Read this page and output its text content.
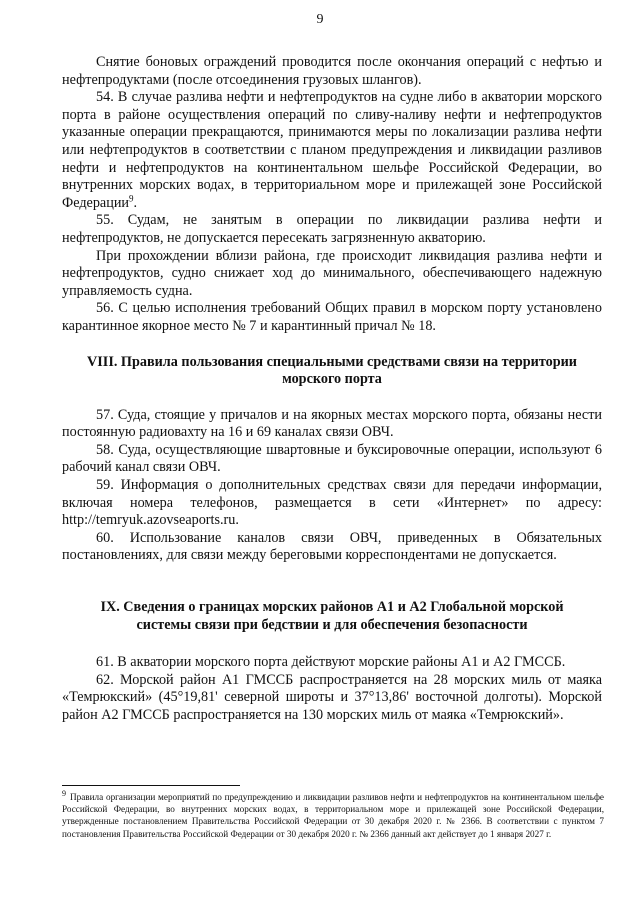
9

Снятие боновых ограждений проводится после окончания операций с нефтью и нефтепродуктами (после отсоединения грузовых шлангов).

54. В случае разлива нефти и нефтепродуктов на судне либо в акватории морского порта в районе осуществления операций по сливу-наливу нефти и нефтепродуктов указанные операции прекращаются, принимаются меры по локализации разлива нефти или нефтепродуктов в соответствии с планом предупреждения и ликвидации разливов нефти и нефтепродуктов на континентальном шельфе Российской Федерации, во внутренних морских водах, в территориальном море и прилежащей зоне Российской Федерации$^9$.

55. Судам, не занятым в операции по ликвидации разлива нефти и нефтепродуктов, не допускается пересекать загрязненную акваторию.

При прохождении вблизи района, где происходит ликвидация разлива нефти и нефтепродуктов, судно снижает ход до минимального, обеспечивающего надежную управляемость судна.

56. С целью исполнения требований Общих правил в морском порту установлено карантинное якорное место № 7 и карантинный причал № 18.

VIII. Правила пользования специальными средствами связи на территории морского порта

57. Суда, стоящие у причалов и на якорных местах морского порта, обязаны нести постоянную радиовахту на 16 и 69 каналах связи ОВЧ.

58. Суда, осуществляющие швартовные и буксировочные операции, используют 6 рабочий канал связи ОВЧ.

59. Информация о дополнительных средствах связи для передачи информации, включая номера телефонов, размещается в сети «Интернет» по адресу: http://temryuk.azovseaports.ru.

60. Использование каналов связи ОВЧ, приведенных в Обязательных постановлениях, для связи между береговыми корреспондентами не допускается.

IX. Сведения о границах морских районов А1 и А2 Глобальной морской системы связи при бедствии и для обеспечения безопасности

61. В акватории морского порта действуют морские районы А1 и А2 ГМССБ.

62. Морской район А1 ГМССБ распространяется на 28 морских миль от маяка «Темрюкский» (45°19,81' северной широты и 37°13,86' восточной долготы). Морской район А2 ГМССБ распространяется на 130 морских миль от маяка «Темрюкский».

$^9$ Правила организации мероприятий по предупреждению и ликвидации разливов нефти и нефтепродуктов на континентальном шельфе Российской Федерации, во внутренних морских водах, в территориальном море и прилежащей зоне Российской Федерации, утвержденные постановлением Правительства Российской Федерации от 30 декабря 2020 г. № 2366. В соответствии с пунктом 7 постановления Правительства Российской Федерации от 30 декабря 2020 г. № 2366 данный акт действует до 1 января 2027 г.
